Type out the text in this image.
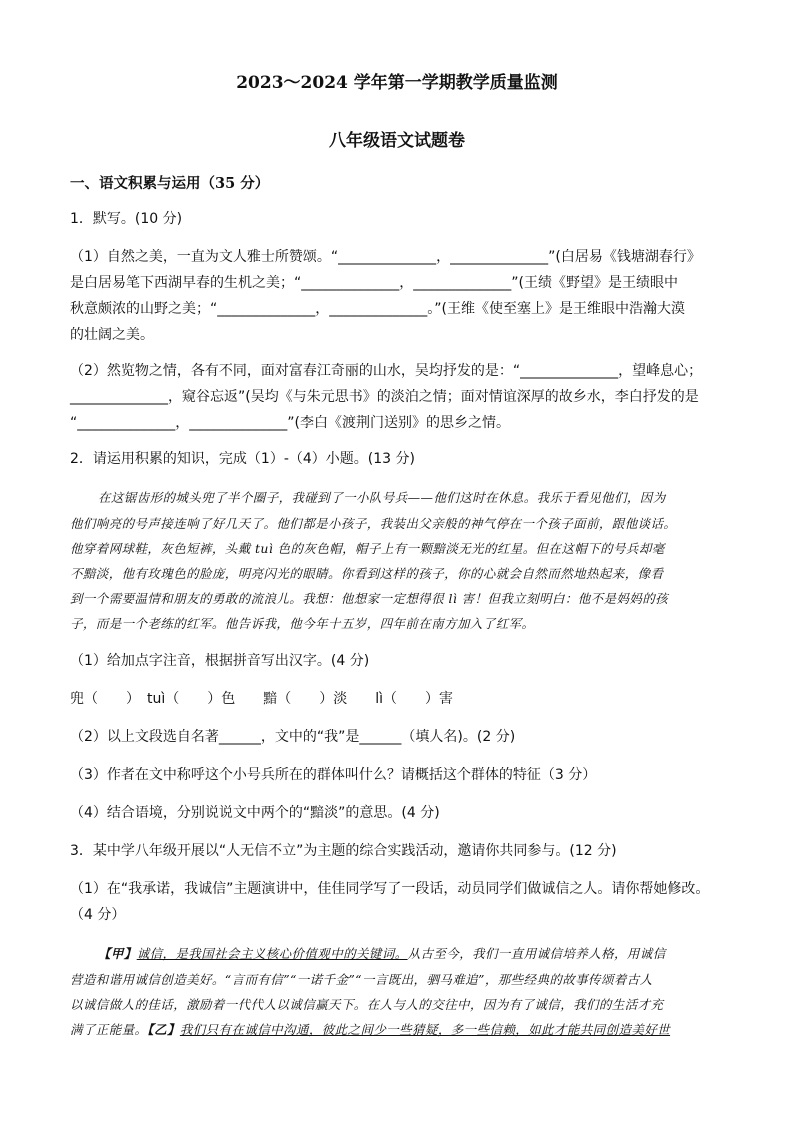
2023～2024 学年第一学期教学质量监测
八年级语文试题卷
一、语文积累与运用（35 分）
1．默写。(10 分)
（1）自然之美，一直为文人雅士所赞颂。“______________，______________”(白居易《钱塘湖春行》
是白居易笔下西湖早春的生机之美；“______________，______________”(王绩《野望》是王绩眼中
秋意颇浓的山野之美；“______________，______________。”(王维《使至塞上》是王维眼中浩瀚大漠
的壮阔之美。
（2）然览物之情，各有不同，面对富春江奇丽的山水，吴均抒发的是：“______________，望峰息心；
______________，窥谷忘返”(吴均《与朱元思书》的淡泊之情；面对情谊深厚的故乡水，李白抒发的是
“______________，______________”(李白《渡荆门送别》的思乡之情。
2．请运用积累的知识，完成（1）-（4）小题。(13 分)
在这锯齿形的城头兜了半个圈子，我碰到了一小队号兵——他们这时在休息。我乐于看见他们，因为
他们响亮的号声接连响了好几天了。他们都是小孩子，我装出父亲般的神气停在一个孩子面前，跟他谈话。
他穿着网球鞋，灰色短裤，头戴 tuì 色的灰色帽，帽子上有一颗黯淡无光的红星。但在这帽下的号兵却毫
不黯淡，他有玫瑰色的脸庞，明亮闪光的眼睛。你看到这样的孩子，你的心就会自然而然地热起来，像看
到一个需要温情和朋友的勇敢的流浪儿。我想：他想家一定想得很 lì 害！但我立刻明白：他不是妈妈的孩
子，而是一个老练的红军。他告诉我，他今年十五岁，四年前在南方加入了红军。
（1）给加点字注音，根据拼音写出汉字。(4 分)
兜（　　）　tuì（　　）色　　黯（　　）淡　　lì（　　）害
（2）以上文段选自名著______，文中的“我”是______（填人名)。(2 分)
（3）作者在文中称呼这个小号兵所在的群体叫什么？请概括这个群体的特征（3 分）
（4）结合语境，分别说说文中两个的“黯淡”的意思。(4 分)
3．某中学八年级开展以“人无信不立”为主题的综合实践活动，邀请你共同参与。(12 分)
（1）在“我承诺，我诚信”主题演讲中，佳佳同学写了一段话，动员同学们做诚信之人。请你帮她修改。
（4 分）
【甲】诚信，是我国社会主义核心价值观中的关键词。从古至今，我们一直用诚信培养人格，用诚信
营造和谐用诚信创造美好。“言而有信”“一诺千金”“一言既出，驷马难追”，那些经典的故事传颂着古人
以诚信做人的佳话，激励着一代代人以诚信赢天下。在人与人的交往中，因为有了诚信，我们的生活才充
满了正能量。【乙】我们只有在诚信中沟通，彼此之间少一些猜疑，多一些信赖，如此才能共同创造美好世
